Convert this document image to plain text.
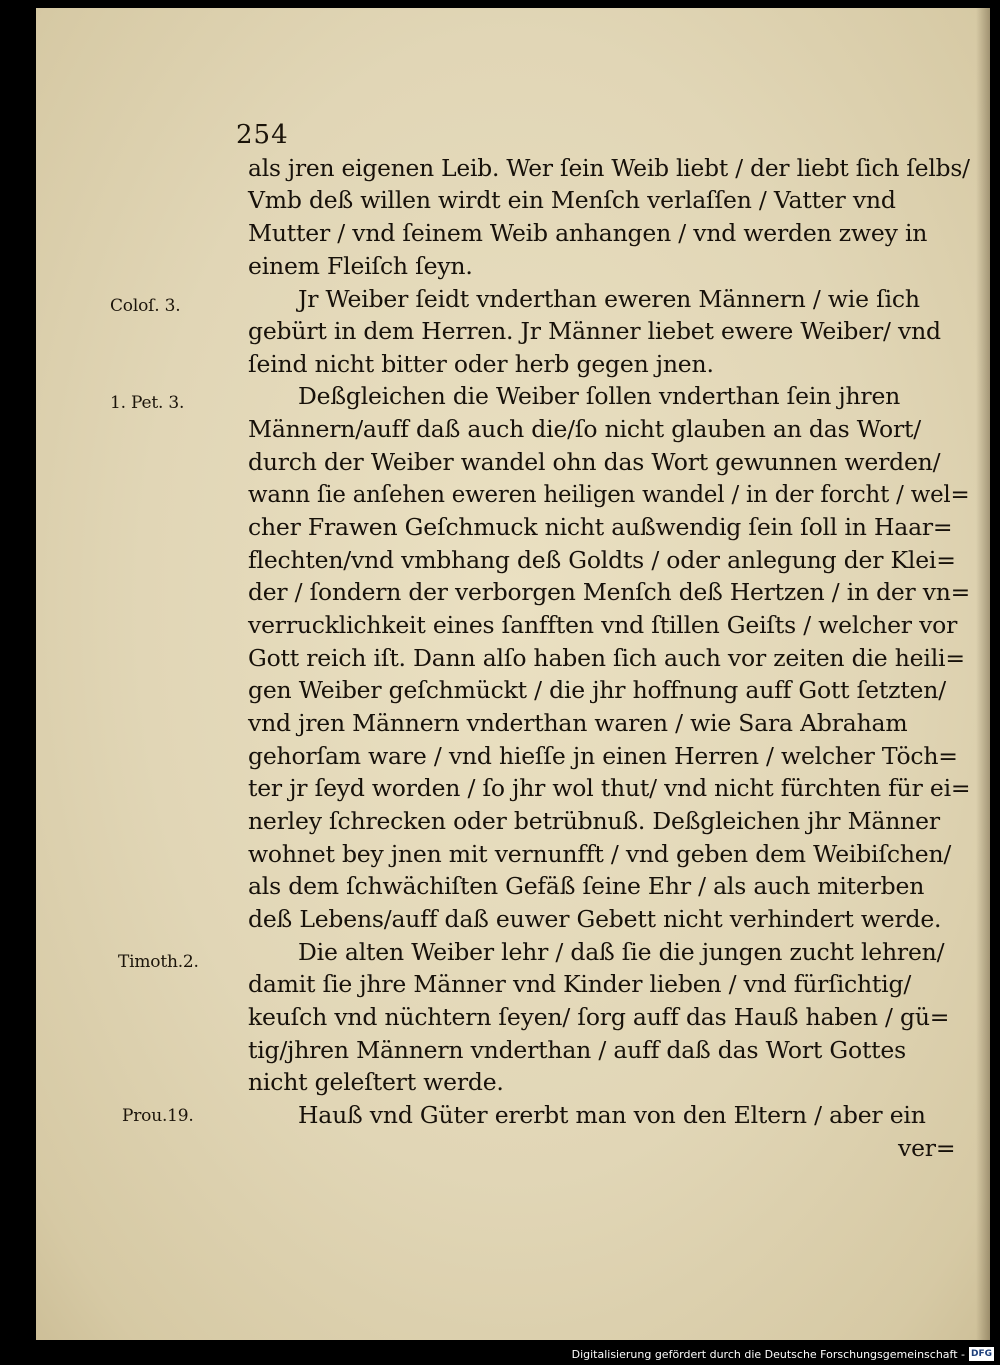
254
Coloſ. 3.
1. Pet. 3.
Timoth.2.
Prou.19.
als jren eigenen Leib. Wer ſein Weib liebt / der liebt ſich ſelbs/
Vmb deß willen wirdt ein Menſch verlaſſen / Vatter vnd
Mutter / vnd ſeinem Weib anhangen / vnd werden zwey in
einem Fleiſch ſeyn.
Jr Weiber ſeidt vnderthan eweren Männern / wie ſich
gebürt in dem Herren. Jr Männer liebet ewere Weiber/ vnd
ſeind nicht bitter oder herb gegen jnen.
Deßgleichen die Weiber ſollen vnderthan ſein jhren
Männern/auff daß auch die/ſo nicht glauben an das Wort/
durch der Weiber wandel ohn das Wort gewunnen werden/
wann ſie anſehen eweren heiligen wandel / in der forcht / wel=
cher Frawen Geſchmuck nicht außwendig ſein ſoll in Haar=
flechten/vnd vmbhang deß Goldts / oder anlegung der Klei=
der / ſondern der verborgen Menſch deß Hertzen / in der vn=
verrucklichkeit eines ſanfften vnd ſtillen Geiſts / welcher vor
Gott reich iſt. Dann alſo haben ſich auch vor zeiten die heili=
gen Weiber geſchmückt / die jhr hoffnung auff Gott ſetzten/
vnd jren Männern vnderthan waren / wie Sara Abraham
gehorſam ware / vnd hieſſe jn einen Herren / welcher Töch=
ter jr ſeyd worden / ſo jhr wol thut/ vnd nicht fürchten für ei=
nerley ſchrecken oder betrübnuß. Deßgleichen jhr Männer
wohnet bey jnen mit vernunfft / vnd geben dem Weibiſchen/
als dem ſchwächiſten Gefäß ſeine Ehr / als auch miterben
deß Lebens/auff daß euwer Gebett nicht verhindert werde.
Die alten Weiber lehr / daß ſie die jungen zucht lehren/
damit ſie jhre Männer vnd Kinder lieben / vnd fürſichtig/
keuſch vnd nüchtern ſeyen/ ſorg auff das Hauß haben / gü=
tig/jhren Männern vnderthan / auff daß das Wort Gottes
nicht geleſtert werde.
Hauß vnd Güter ererbt man von den Eltern / aber ein
ver=
Digitalisierung gefördert durch die Deutsche Forschungsgemeinschaft - DFG
